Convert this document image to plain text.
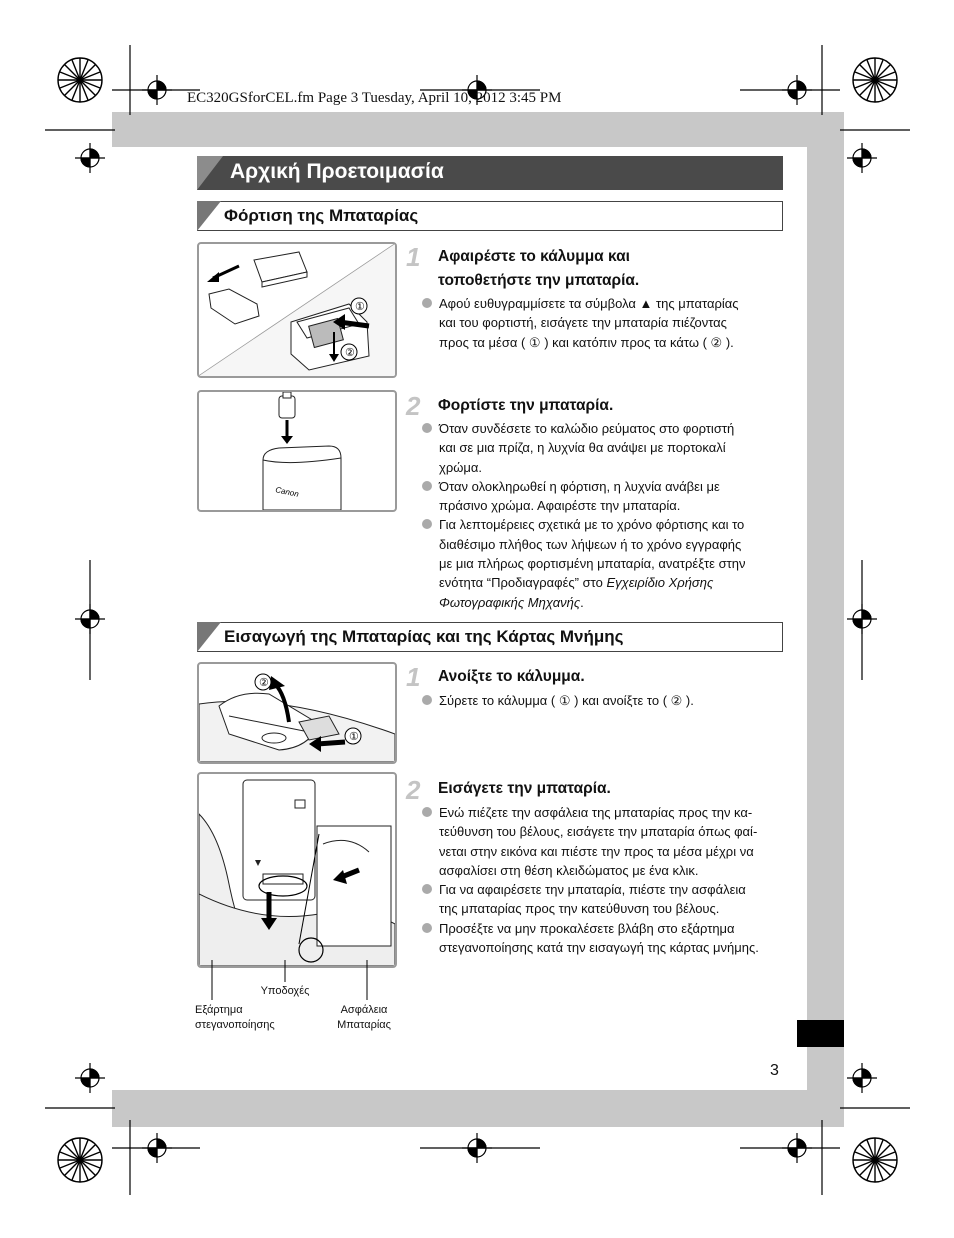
EC320GSforCEL.fm Page 3 Tuesday, April 10, 2012 3:45 PM
Αρχική Προετοιμασία
Φόρτιση της Μπαταρίας
①
②
1 Αφαιρέστε το κάλυμμα και
τοποθετήστε την μπαταρία.
Αφού ευθυγραμμίσετε τα σύμβολα ▲ της μπαταρίας
και του φορτιστή, εισάγετε την μπαταρία πιέζοντας
προς τα μέσα ( ① ) και κατόπιν προς τα κάτω ( ② ).
Canon
2 Φορτίστε την μπαταρία.
Όταν συνδέσετε το καλώδιο ρεύματος στο φορτιστή
και σε μια πρίζα, η λυχνία θα ανάψει με πορτοκαλί
χρώμα.
Όταν ολοκληρωθεί η φόρτιση, η λυχνία ανάβει με
πράσινο χρώμα. Αφαιρέστε την μπαταρία.
Για λεπτομέρειες σχετικά με το χρόνο φόρτισης και το
διαθέσιμο πλήθος των λήψεων ή το χρόνο εγγραφής
με μια πλήρως φορτισμένη μπαταρία, ανατρέξτε στην
ενότητα “Προδιαγραφές” στο Εγχειρίδιο Χρήσης
Φωτογραφικής Μηχανής.
Εισαγωγή της Μπαταρίας και της Κάρτας Μνήμης
②
①
1 Ανοίξτε το κάλυμμα.
Σύρετε το κάλυμμα ( ① ) και ανοίξτε το ( ② ).
Υποδοχές
Εξάρτημα
στεγανοποίησης
Ασφάλεια
Μπαταρίας
2 Εισάγετε την μπαταρία.
Ενώ πιέζετε την ασφάλεια της μπαταρίας προς την κα-
τεύθυνση του βέλους, εισάγετε την μπαταρία όπως φαί-
νεται στην εικόνα και πιέστε την προς τα μέσα μέχρι να
ασφαλίσει στη θέση κλειδώματος με ένα κλικ.
Για να αφαιρέσετε την μπαταρία, πιέστε την ασφάλεια
της μπαταρίας προς την κατεύθυνση του βέλους.
Προσέξτε να μην προκαλέσετε βλάβη στο εξάρτημα
στεγανοποίησης κατά την εισαγωγή της κάρτας μνήμης.
3
